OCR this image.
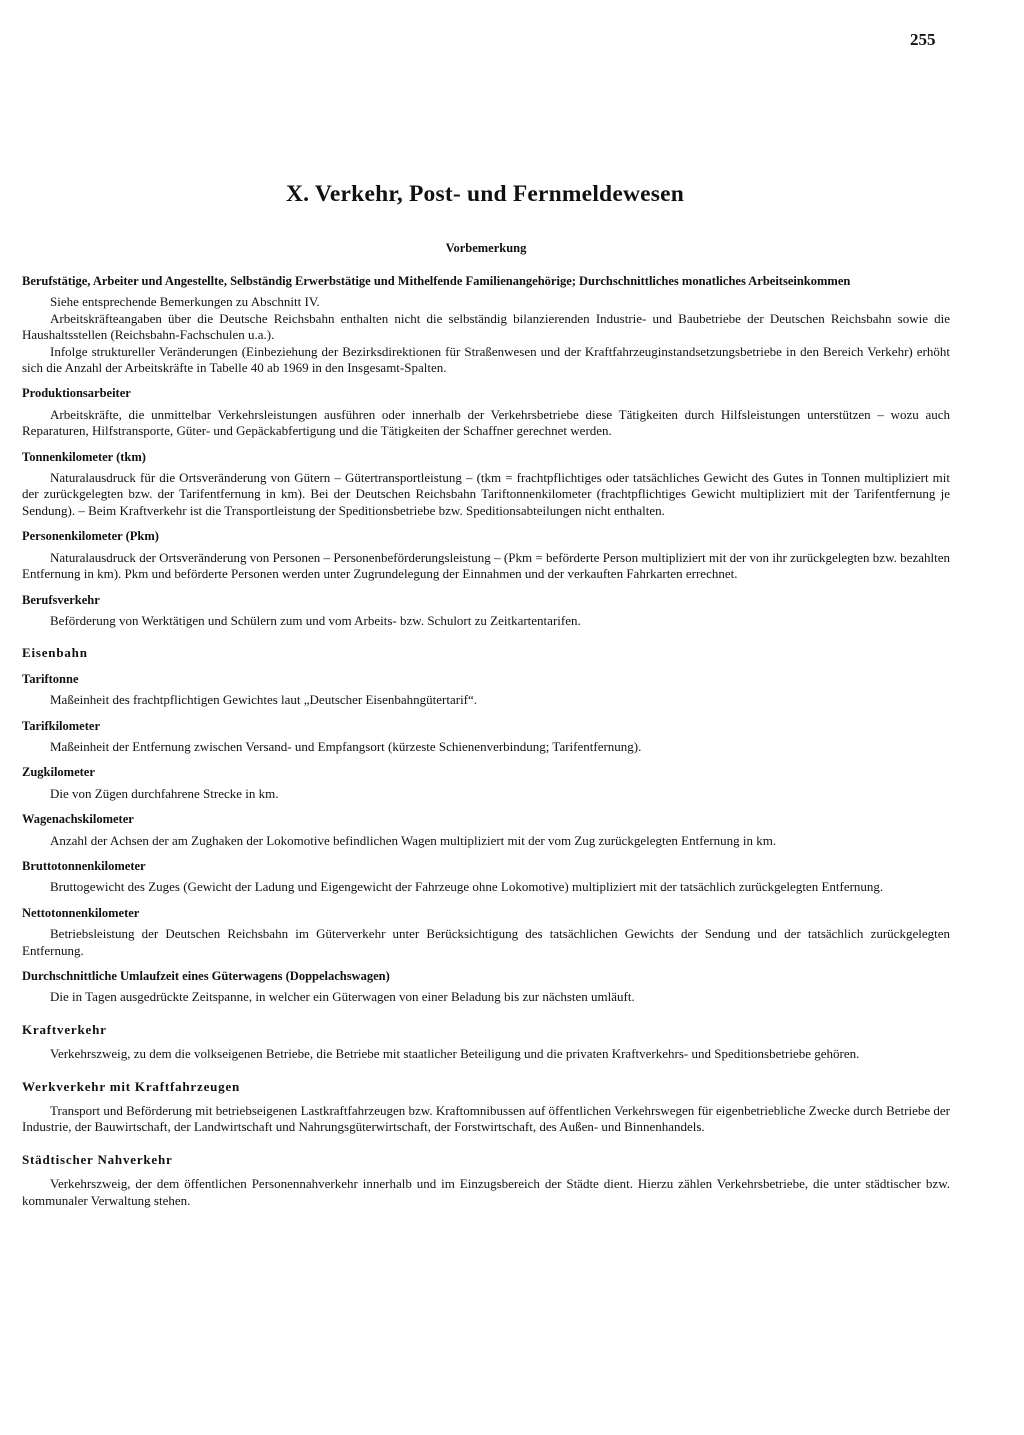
255
X. Verkehr, Post- und Fernmeldewesen
Vorbemerkung
Berufstätige, Arbeiter und Angestellte, Selbständig Erwerbstätige und Mithelfende Familienangehörige; Durchschnittliches monatliches Arbeitseinkommen

Siehe entsprechende Bemerkungen zu Abschnitt IV.

Arbeitskräfteangaben über die Deutsche Reichsbahn enthalten nicht die selbständig bilanzierenden Industrie- und Baubetriebe der Deutschen Reichsbahn sowie die Haushaltsstellen (Reichsbahn-Fachschulen u.a.).

Infolge struktureller Veränderungen (Einbeziehung der Bezirksdirektionen für Straßenwesen und der Kraftfahrzeuginstandsetzungsbetriebe in den Bereich Verkehr) erhöht sich die Anzahl der Arbeitskräfte in Tabelle 40 ab 1969 in den Insgesamt-Spalten.

Produktionsarbeiter

Arbeitskräfte, die unmittelbar Verkehrsleistungen ausführen oder innerhalb der Verkehrsbetriebe diese Tätigkeiten durch Hilfsleistungen unterstützen – wozu auch Reparaturen, Hilfstransporte, Güter- und Gepäckabfertigung und die Tätigkeiten der Schaffner gerechnet werden.

Tonnenkilometer (tkm)

Naturalausdruck für die Ortsveränderung von Gütern – Gütertransportleistung – (tkm = frachtpflichtiges oder tatsächliches Gewicht des Gutes in Tonnen multipliziert mit der zurückgelegten bzw. der Tarifentfernung in km). Bei der Deutschen Reichsbahn Tariftonnenkilometer (frachtpflichtiges Gewicht multipliziert mit der Tarifentfernung je Sendung). – Beim Kraftverkehr ist die Transportleistung der Speditionsbetriebe bzw. Speditionsabteilungen nicht enthalten.

Personenkilometer (Pkm)

Naturalausdruck der Ortsveränderung von Personen – Personenbeförderungsleistung – (Pkm = beförderte Person multipliziert mit der von ihr zurückgelegten bzw. bezahlten Entfernung in km). Pkm und beförderte Personen werden unter Zugrundelegung der Einnahmen und der verkauften Fahrkarten errechnet.

Berufsverkehr

Beförderung von Werktätigen und Schülern zum und vom Arbeits- bzw. Schulort zu Zeitkartentarifen.

Eisenbahn
Tariftonne

Maßeinheit des frachtpflichtigen Gewichtes laut „Deutscher Eisenbahngütertarif“.

Tarifkilometer

Maßeinheit der Entfernung zwischen Versand- und Empfangsort (kürzeste Schienenverbindung; Tarifentfernung).

Zugkilometer

Die von Zügen durchfahrene Strecke in km.

Wagenachskilometer

Anzahl der Achsen der am Zughaken der Lokomotive befindlichen Wagen multipliziert mit der vom Zug zurückgelegten Entfernung in km.

Bruttotonnenkilometer

Bruttogewicht des Zuges (Gewicht der Ladung und Eigengewicht der Fahrzeuge ohne Lokomotive) multipliziert mit der tatsächlich zurückgelegten Entfernung.

Nettotonnenkilometer

Betriebsleistung der Deutschen Reichsbahn im Güterverkehr unter Berücksichtigung des tatsächlichen Gewichts der Sendung und der tatsächlich zurückgelegten Entfernung.

Durchschnittliche Umlaufzeit eines Güterwagens (Doppelachswagen)

Die in Tagen ausgedrückte Zeitspanne, in welcher ein Güterwagen von einer Beladung bis zur nächsten umläuft.

Kraftverkehr

Verkehrszweig, zu dem die volkseigenen Betriebe, die Betriebe mit staatlicher Beteiligung und die privaten Kraftverkehrs- und Speditionsbetriebe gehören.

Werkverkehr mit Kraftfahrzeugen

Transport und Beförderung mit betriebseigenen Lastkraftfahrzeugen bzw. Kraftomnibussen auf öffentlichen Verkehrswegen für eigenbetriebliche Zwecke durch Betriebe der Industrie, der Bauwirtschaft, der Landwirtschaft und Nahrungsgüterwirtschaft, der Forstwirtschaft, des Außen- und Binnenhandels.

Städtischer Nahverkehr

Verkehrszweig, der dem öffentlichen Personennahverkehr innerhalb und im Einzugsbereich der Städte dient. Hierzu zählen Verkehrsbetriebe, die unter städtischer bzw. kommunaler Verwaltung stehen.
